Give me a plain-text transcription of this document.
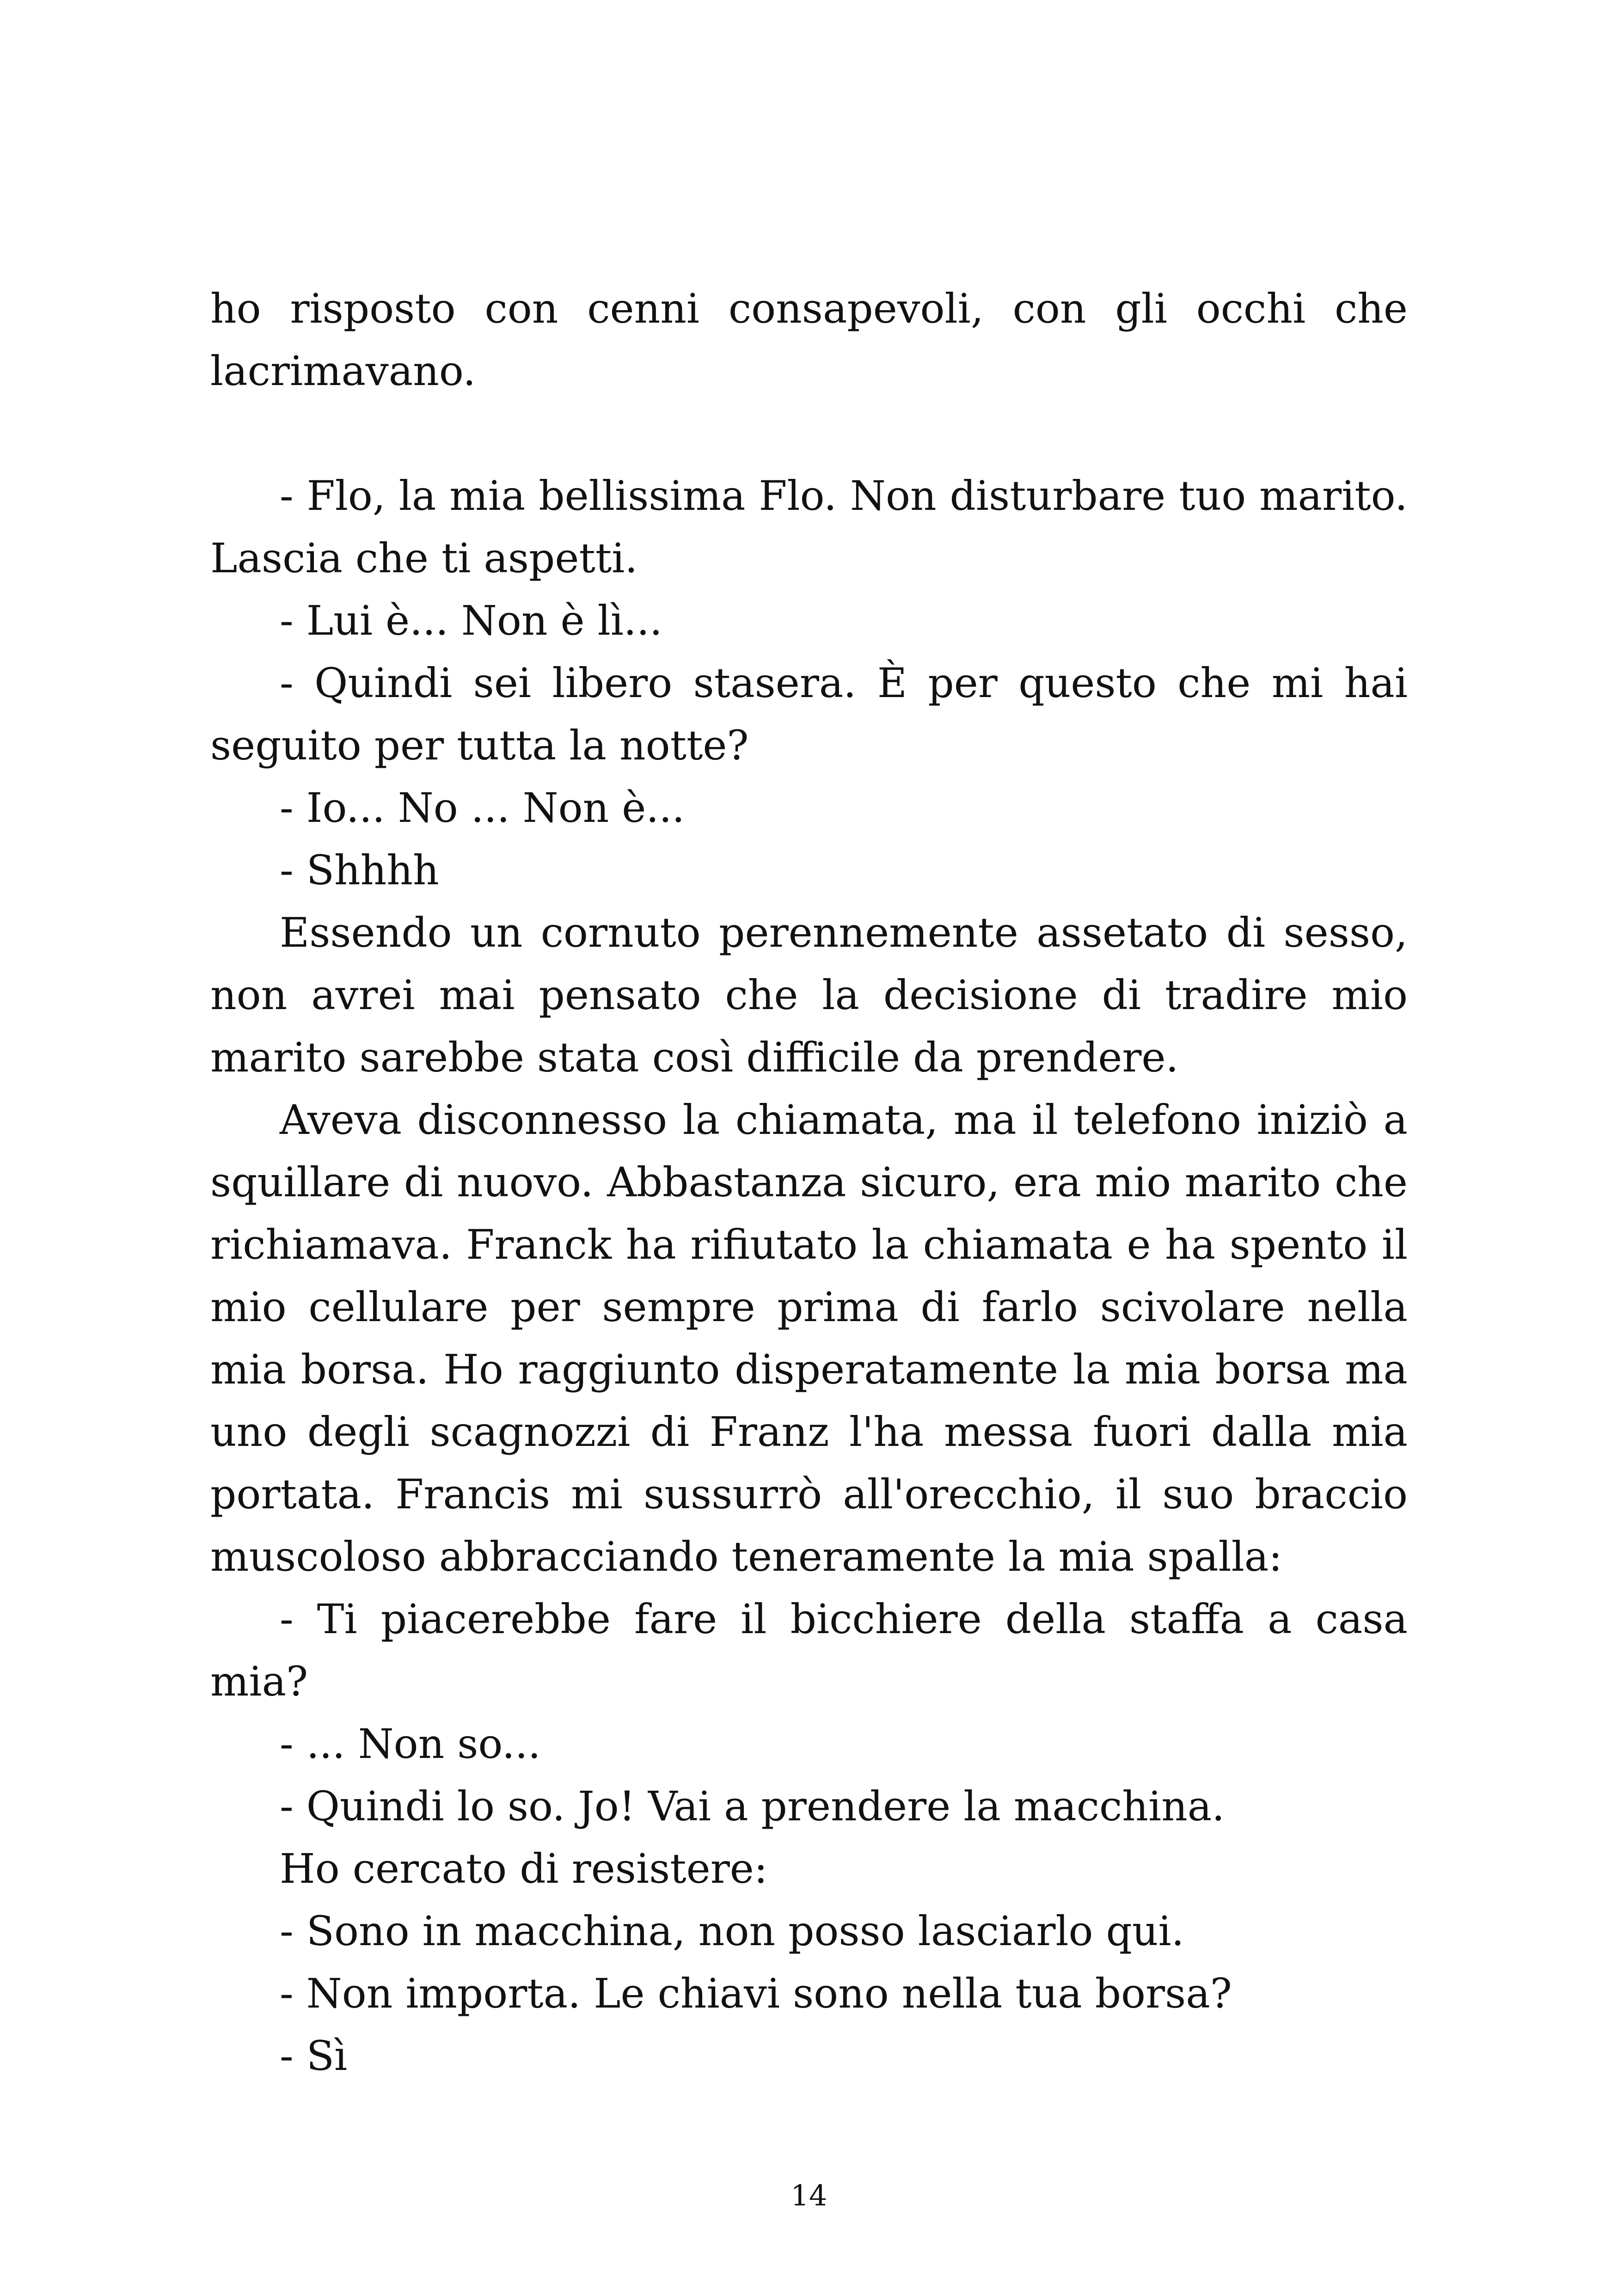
ho risposto con cenni consapevoli, con gli occhi che lacrimavano.

- Flo, la mia bellissima Flo. Non disturbare tuo marito. Lascia che ti aspetti.

- Lui è... Non è lì...

- Quindi sei libero stasera. È per questo che mi hai seguito per tutta la notte?

- Io... No ... Non è...

- Shhhh

Essendo un cornuto perennemente assetato di sesso, non avrei mai pensato che la decisione di tradire mio marito sarebbe stata così difficile da prendere.

Aveva disconnesso la chiamata, ma il telefono iniziò a squillare di nuovo. Abbastanza sicuro, era mio marito che richiamava. Franck ha rifiutato la chiamata e ha spento il mio cellulare per sempre prima di farlo scivolare nella mia borsa. Ho raggiunto disperatamente la mia borsa ma uno degli scagnozzi di Franz l'ha messa fuori dalla mia portata. Francis mi sussurrò all'orecchio, il suo braccio muscoloso abbracciando teneramente la mia spalla:

- Ti piacerebbe fare il bicchiere della staffa a casa mia?

- ... Non so...

- Quindi lo so. Jo! Vai a prendere la macchina.

Ho cercato di resistere:

- Sono in macchina, non posso lasciarlo qui.

- Non importa. Le chiavi sono nella tua borsa?

- Sì

14
